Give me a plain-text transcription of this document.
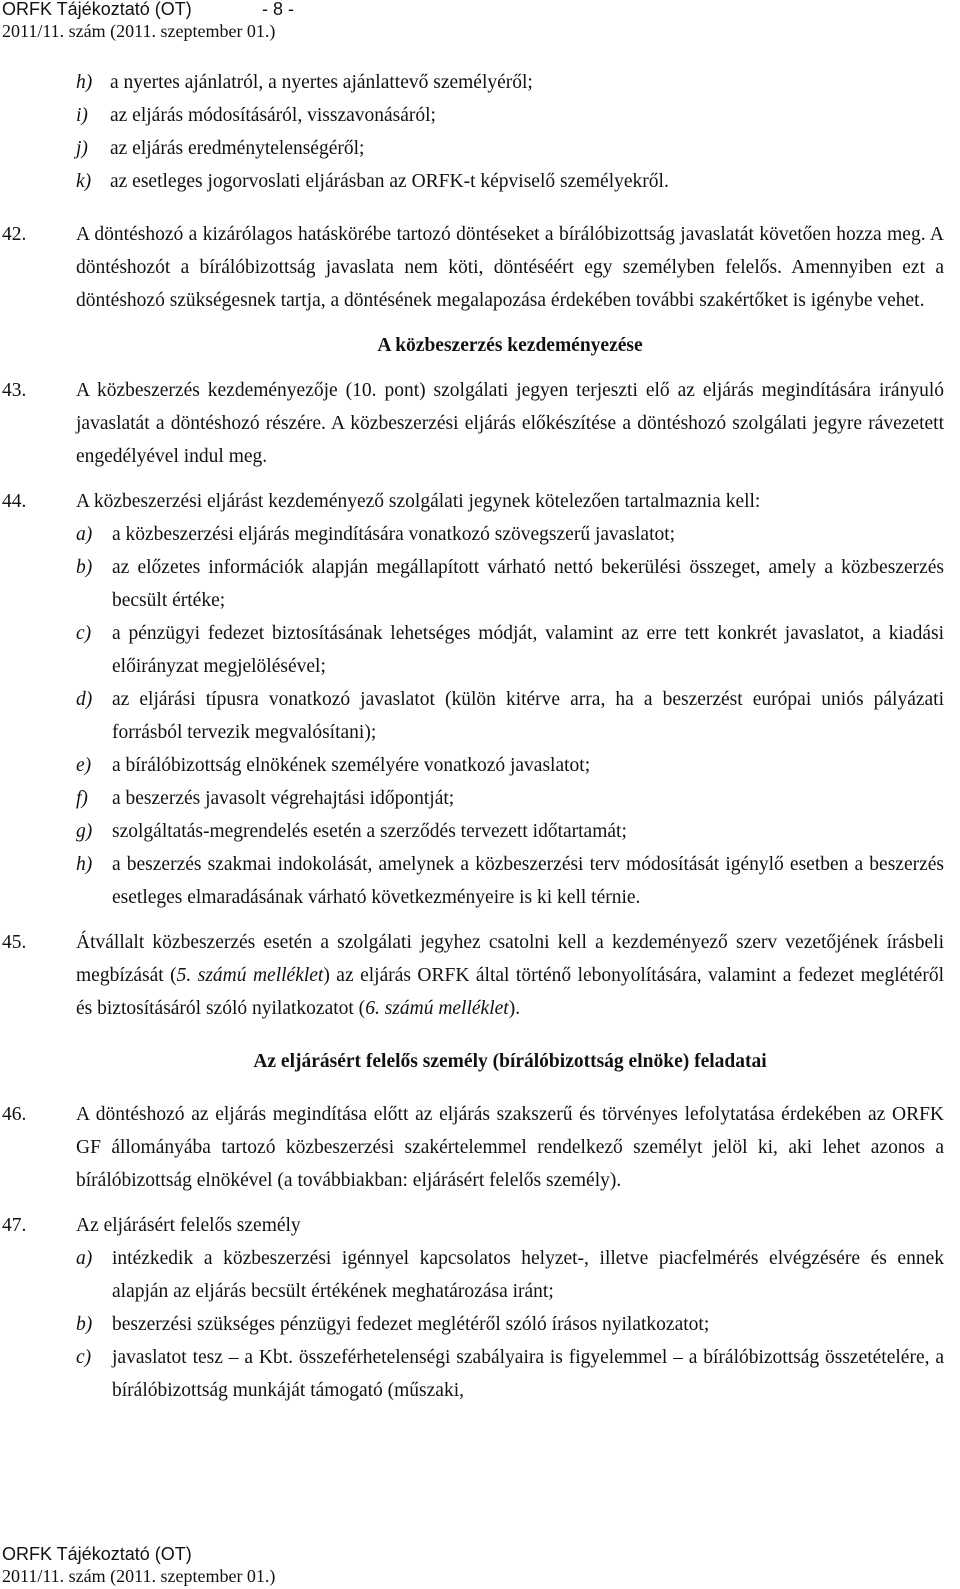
ORFK Tájékoztató (OT)	- 8 -
2011/11. szám (2011. szeptember 01.)
h) a nyertes ajánlatról, a nyertes ajánlattevő személyéről;
i) az eljárás módosításáról, visszavonásáról;
j) az eljárás eredménytelenségéről;
k) az esetleges jogorvoslati eljárásban az ORFK-t képviselő személyekről.
42.	A döntéshozó a kizárólagos hatáskörébe tartozó döntéseket a bírálóbizottság javaslatát követően hozza meg. A döntéshozót a bírálóbizottság javaslata nem köti, döntéséért egy személyben felelős. Amennyiben ezt a döntéshozó szükségesnek tartja, a döntésének megalapozása érdekében további szakértőket is igénybe vehet.
A közbeszerzés kezdeményezése
43.	A közbeszerzés kezdeményezője (10. pont) szolgálati jegyen terjeszti elő az eljárás megindítására irányuló javaslatát a döntéshozó részére. A közbeszerzési eljárás előkészítése a döntéshozó szolgálati jegyre rávezetett engedélyével indul meg.
44.	A közbeszerzési eljárást kezdeményező szolgálati jegynek kötelezően tartalmaznia kell:
a) a közbeszerzési eljárás megindítására vonatkozó szövegszerű javaslatot;
b) az előzetes információk alapján megállapított várható nettó bekerülési összeget, amely a közbeszerzés becsült értéke;
c) a pénzügyi fedezet biztosításának lehetséges módját, valamint az erre tett konkrét javaslatot, a kiadási előirányzat megjelölésével;
d) az eljárási típusra vonatkozó javaslatot (külön kitérve arra, ha a beszerzést európai uniós pályázati forrásból tervezik megvalósítani);
e) a bírálóbizottság elnökének személyére vonatkozó javaslatot;
f) a beszerzés javasolt végrehajtási időpontját;
g) szolgáltatás-megrendelés esetén a szerződés tervezett időtartamát;
h) a beszerzés szakmai indokolását, amelynek a közbeszerzési terv módosítását igénylő esetben a beszerzés esetleges elmaradásának várható következményeire is ki kell térnie.
45.	Átvállalt közbeszerzés esetén a szolgálati jegyhez csatolni kell a kezdeményező szerv vezetőjének írásbeli megbízását (5. számú melléklet) az eljárás ORFK által történő lebonyolítására, valamint a fedezet meglétéről és biztosításáról szóló nyilatkozatot (6. számú melléklet).
Az eljárásért felelős személy (bírálóbizottság elnöke) feladatai
46.	A döntéshozó az eljárás megindítása előtt az eljárás szakszerű és törvényes lefolytatása érdekében az ORFK GF állományába tartozó közbeszerzési szakértelemmel rendelkező személyt jelöl ki, aki lehet azonos a bírálóbizottság elnökével (a továbbiakban: eljárásért felelős személy).
47.	Az eljárásért felelős személy
a) intézkedik a közbeszerzési igénnyel kapcsolatos helyzet-, illetve piacfelmérés elvégzésére és ennek alapján az eljárás becsült értékének meghatározása iránt;
b) beszerzési szükséges pénzügyi fedezet meglétéről szóló írásos nyilatkozatot;
c) javaslatot tesz – a Kbt. összeférhetelenségi szabályaira is figyelemmel – a bírálóbizottság összetételére, a bírálóbizottság munkáját támogató (műszaki,
ORFK Tájékoztató (OT)
2011/11. szám (2011. szeptember 01.)
